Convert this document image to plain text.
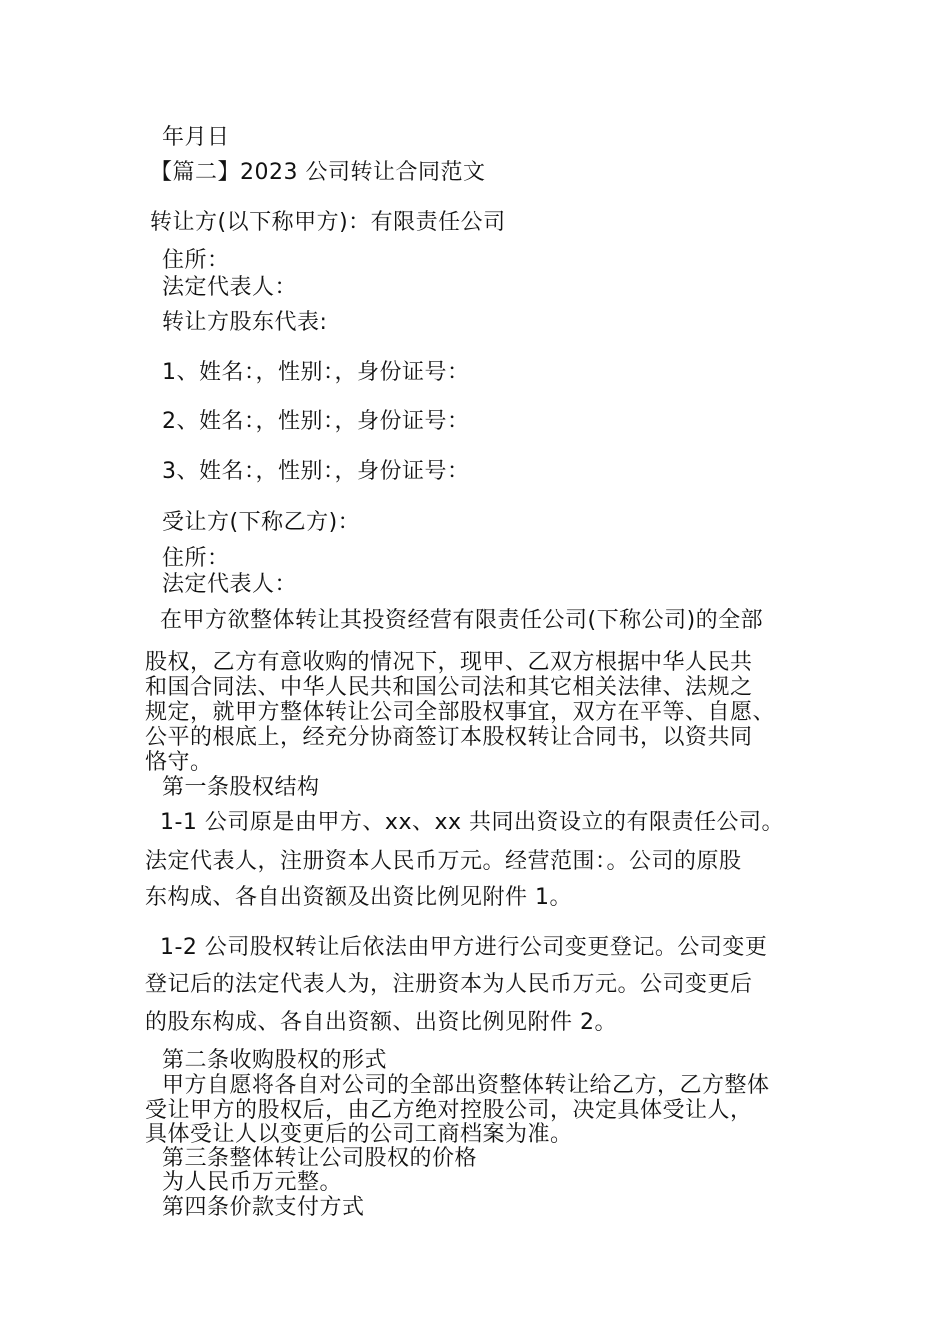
年月日
【篇二】2023 公司转让合同范文
转让方(以下称甲方)：有限责任公司
住所：
法定代表人：
转让方股东代表:
1、姓名：，性别：，身份证号：
2、姓名：，性别：，身份证号：
3、姓名：，性别：，身份证号：
受让方(下称乙方)：
住所：
法定代表人：
在甲方欲整体转让其投资经营有限责任公司(下称公司)的全部
股权，乙方有意收购的情况下，现甲、乙双方根据中华人民共
和国合同法、中华人民共和国公司法和其它相关法律、法规之
规定，就甲方整体转让公司全部股权事宜，双方在平等、自愿、
公平的根底上，经充分协商签订本股权转让合同书，以资共同
恪守。
第一条股权结构
1-1 公司原是由甲方、xx、xx 共同出资设立的有限责任公司。
法定代表人，注册资本人民币万元。经营范围：。公司的原股
东构成、各自出资额及出资比例见附件 1。
1-2 公司股权转让后依法由甲方进行公司变更登记。公司变更
登记后的法定代表人为，注册资本为人民币万元。公司变更后
的股东构成、各自出资额、出资比例见附件 2。
第二条收购股权的形式
甲方自愿将各自对公司的全部出资整体转让给乙方，乙方整体
受让甲方的股权后，由乙方绝对控股公司，决定具体受让人，
具体受让人以变更后的公司工商档案为准。
第三条整体转让公司股权的价格
为人民币万元整。
第四条价款支付方式
